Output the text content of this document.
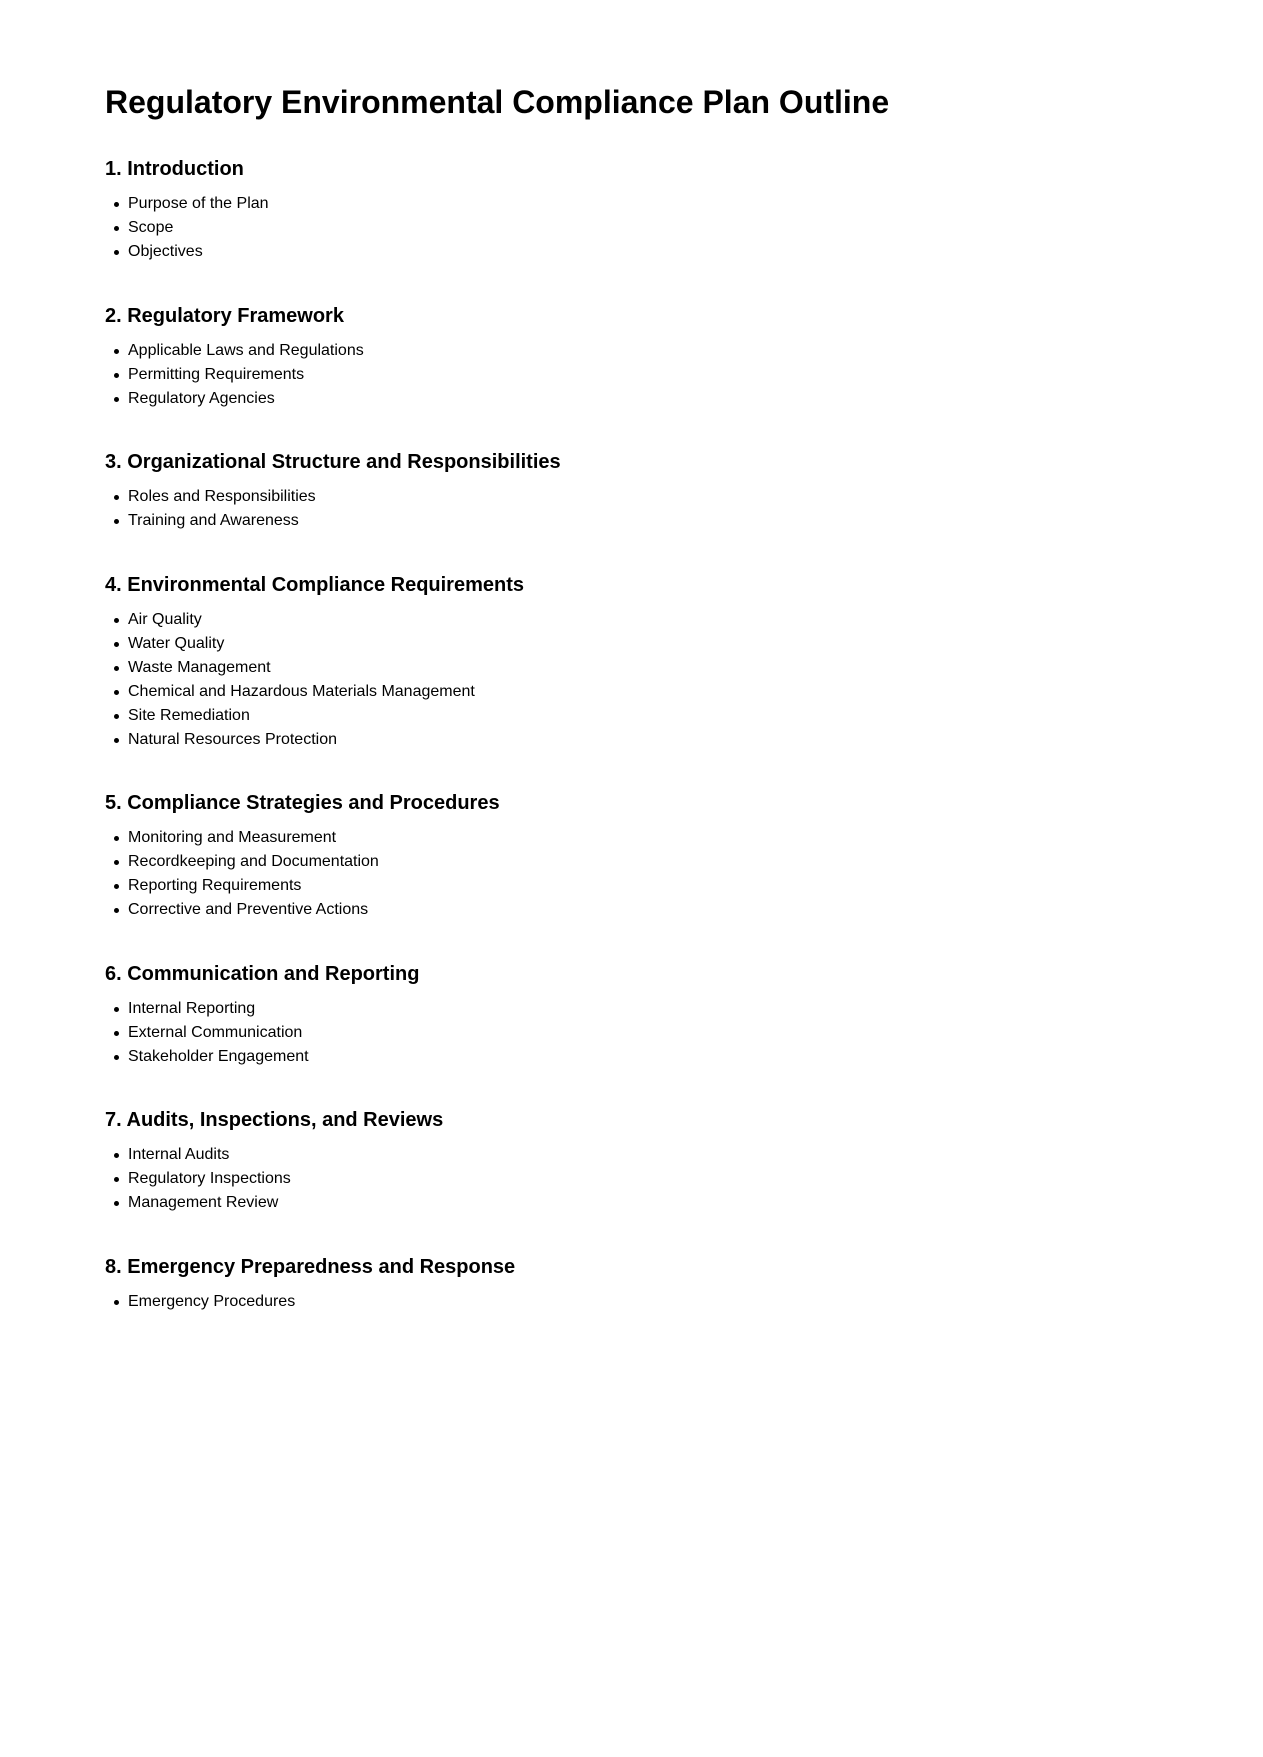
Regulatory Environmental Compliance Plan Outline
1. Introduction
Purpose of the Plan
Scope
Objectives
2. Regulatory Framework
Applicable Laws and Regulations
Permitting Requirements
Regulatory Agencies
3. Organizational Structure and Responsibilities
Roles and Responsibilities
Training and Awareness
4. Environmental Compliance Requirements
Air Quality
Water Quality
Waste Management
Chemical and Hazardous Materials Management
Site Remediation
Natural Resources Protection
5. Compliance Strategies and Procedures
Monitoring and Measurement
Recordkeeping and Documentation
Reporting Requirements
Corrective and Preventive Actions
6. Communication and Reporting
Internal Reporting
External Communication
Stakeholder Engagement
7. Audits, Inspections, and Reviews
Internal Audits
Regulatory Inspections
Management Review
8. Emergency Preparedness and Response
Emergency Procedures
